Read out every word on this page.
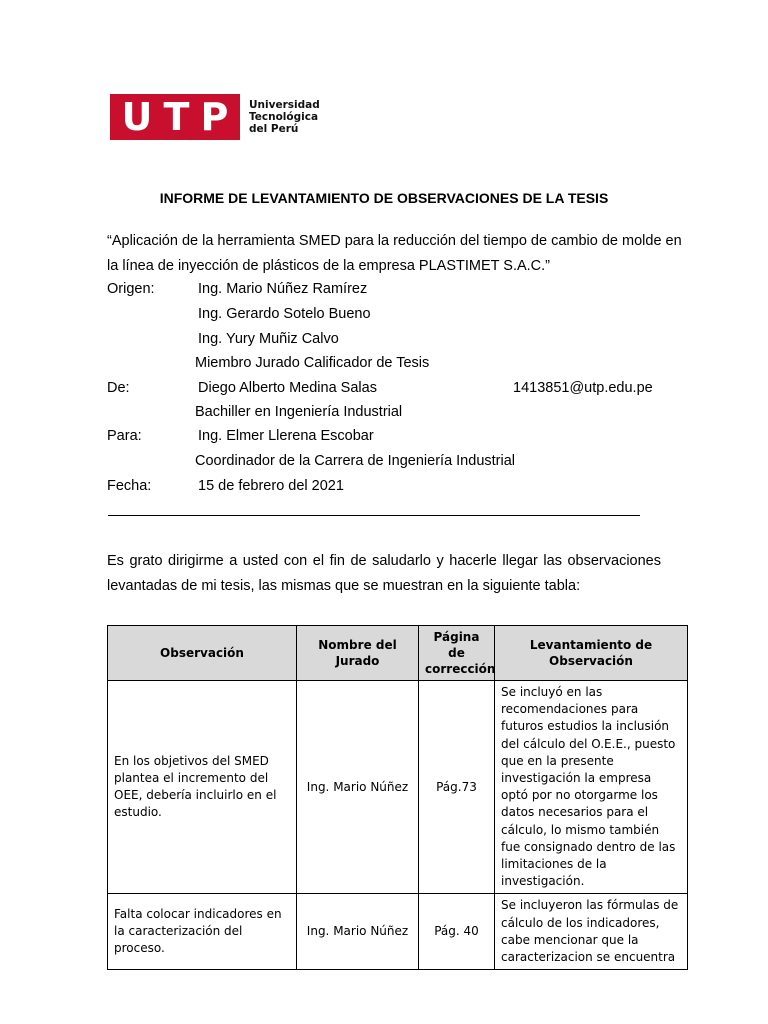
U T P Universidad
Tecnológica
del Perú
INFORME DE LEVANTAMIENTO DE OBSERVACIONES DE LA TESIS
“Aplicación de la herramienta SMED para la reducción del tiempo de cambio de molde en
la línea de inyección de plásticos de la empresa PLASTIMET S.A.C.”
Origen:	Ing. Mario Núñez Ramírez
Ing. Gerardo Sotelo Bueno
Ing. Yury Muñiz Calvo
Miembro Jurado Calificador de Tesis
De:	Diego Alberto Medina Salas	1413851@utp.edu.pe
Bachiller en Ingeniería Industrial
Para:	Ing. Elmer Llerena Escobar
Coordinador de la Carrera de Ingeniería Industrial
Fecha:	15 de febrero del 2021
Es grato dirigirme a usted con el fin de saludarlo y hacerle llegar las observaciones levantadas de mi tesis, las mismas que se muestran en la siguiente tabla:
Observación	Nombre del Jurado	Página de corrección	Levantamiento de Observación
En los objetivos del SMED plantea el incremento del OEE, debería incluirlo en el estudio.	Ing. Mario Núñez	Pág.73	Se incluyó en las recomendaciones para futuros estudios la inclusión del cálculo del O.E.E., puesto que en la presente investigación la empresa optó por no otorgarme los datos necesarios para el cálculo, lo mismo también fue consignado dentro de las limitaciones de la investigación.
Falta colocar indicadores en la caracterización del proceso.	Ing. Mario Núñez	Pág. 40	Se incluyeron las fórmulas de cálculo de los indicadores, cabe mencionar que la caracterizacion se encuentra
